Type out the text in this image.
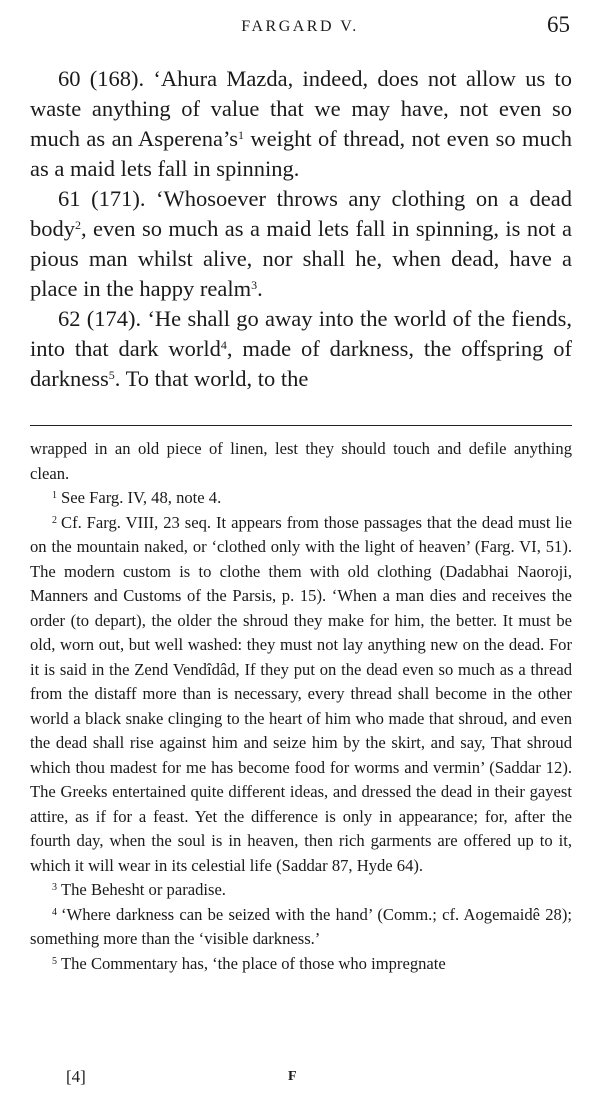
FARGARD V.	65

60 (168). ‘Ahura Mazda, indeed, does not allow us to waste anything of value that we may have, not even so much as an $Asperena’s^1$ weight of thread, not even so much as a maid lets fall in spinning.

61 (171). ‘Whosoever throws any clothing on a dead body$^2$, even so much as a maid lets fall in spinning, is not a pious man whilst alive, nor shall he, when dead, have a place in the happy realm$^3$.

62 (174). ‘He shall go away into the world of the fiends, into that dark world$^4$, made of darkness, the offspring of darkness$^5$. To that world, to the

wrapped in an old piece of linen, lest they should touch and defile anything clean.

$^1$ See Farg. IV, 48, note 4.

$^2$ Cf. Farg. VIII, 23 seq. It appears from those passages that the dead must lie on the mountain naked, or ‘clothed only with the light of heaven’ (Farg. VI, 51). The modern custom is to clothe them with old clothing (Dadabhai Naoroji, Manners and Customs of the Parsis, p. 15). ‘When a man dies and receives the order (to depart), the older the shroud they make for him, the better. It must be old, worn out, but well washed: they must not lay anything new on the dead. For it is said in the Zend Vendîdâd, If they put on the dead even so much as a thread from the distaff more than is necessary, every thread shall become in the other world a black snake clinging to the heart of him who made that shroud, and even the dead shall rise against him and seize him by the skirt, and say, That shroud which thou madest for me has become food for worms and vermin’ (Saddar 12). The Greeks entertained quite different ideas, and dressed the dead in their gayest attire, as if for a feast. Yet the difference is only in appearance; for, after the fourth day, when the soul is in heaven, then rich garments are offered up to it, which it will wear in its celestial life (Saddar 87, Hyde 64).

$^3$ The Behesht or paradise.

$^4$ ‘Where darkness can be seized with the hand’ (Comm.; cf. Aogemaidê 28); something more than the ‘visible darkness.’

$^5$ The Commentary has, ‘the place of those who impregnate

[4]	F
